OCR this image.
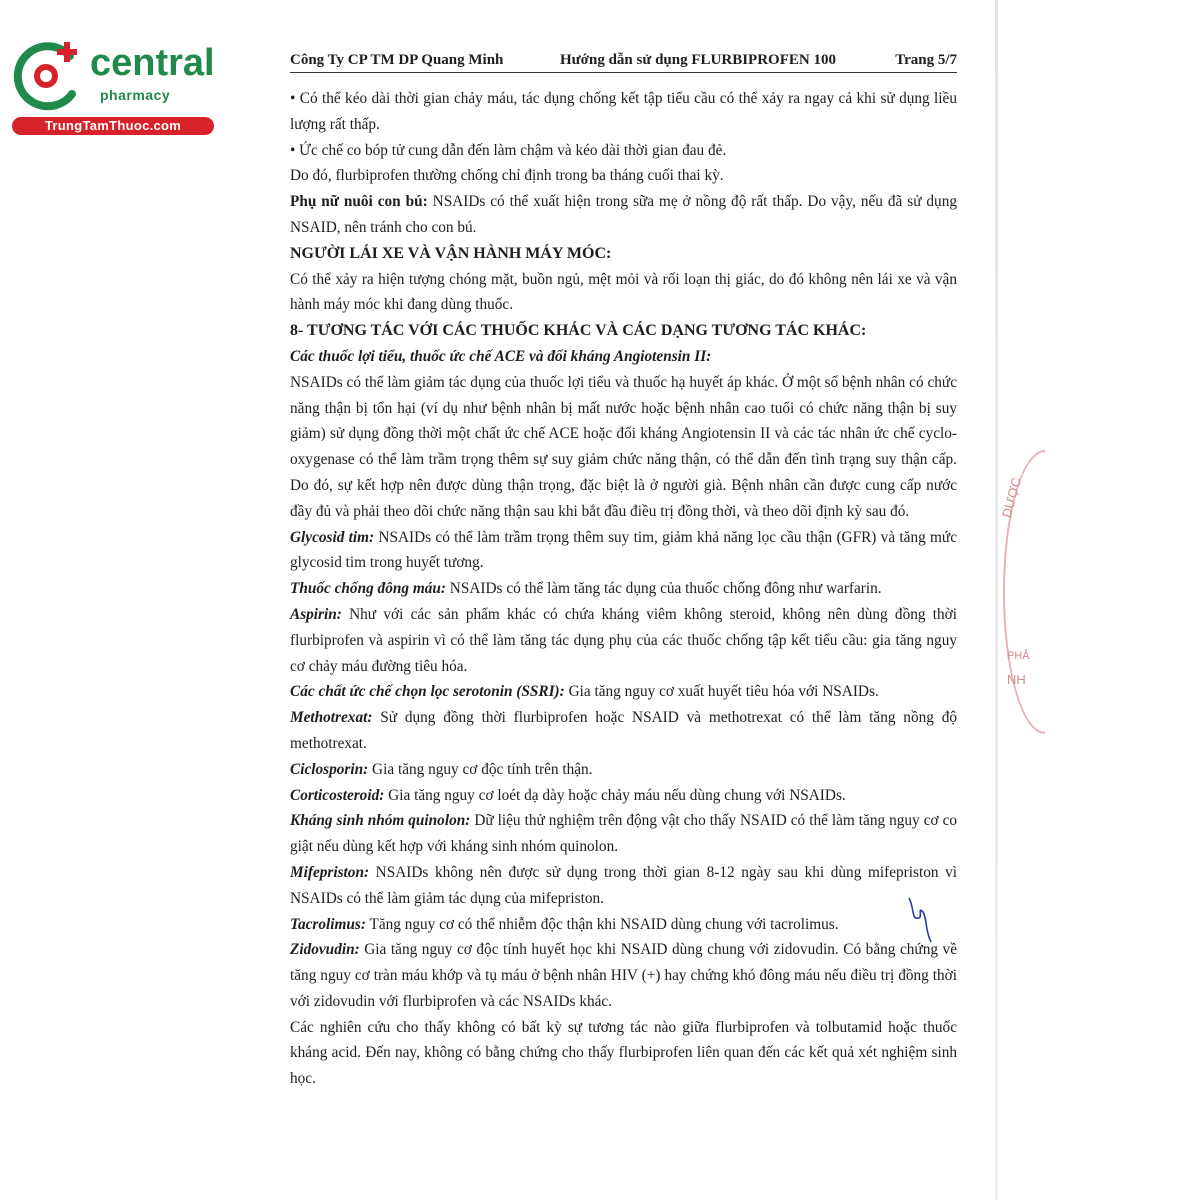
central
pharmacy
TrungTamThuoc.com
DƯỢC
PHẢ
NH
Công Ty CP TM DP Quang Minh	Hướng dẫn sử dụng FLURBIPROFEN 100	Trang 5/7

• Có thể kéo dài thời gian chảy máu, tác dụng chống kết tập tiểu cầu có thể xảy ra ngay cả khi sử dụng liều lượng rất thấp.

• Ức chế co bóp tử cung dẫn đến làm chậm và kéo dài thời gian đau đẻ.

Do đó, flurbiprofen thường chống chỉ định trong ba tháng cuối thai kỳ.

Phụ nữ nuôi con bú: NSAIDs có thể xuất hiện trong sữa mẹ ở nồng độ rất thấp. Do vậy, nếu đã sử dụng NSAID, nên tránh cho con bú.

NGƯỜI LÁI XE VÀ VẬN HÀNH MÁY MÓC:

Có thể xảy ra hiện tượng chóng mặt, buồn ngủ, mệt mỏi và rối loạn thị giác, do đó không nên lái xe và vận hành máy móc khi đang dùng thuốc.

8- TƯƠNG TÁC VỚI CÁC THUỐC KHÁC VÀ CÁC DẠNG TƯƠNG TÁC KHÁC:

Các thuốc lợi tiểu, thuốc ức chế ACE và đối kháng Angiotensin II:

NSAIDs có thể làm giảm tác dụng của thuốc lợi tiểu và thuốc hạ huyết áp khác. Ở một số bệnh nhân có chức năng thận bị tổn hại (ví dụ như bệnh nhân bị mất nước hoặc bệnh nhân cao tuổi có chức năng thận bị suy giảm) sử dụng đồng thời một chất ức chế ACE hoặc đối kháng Angiotensin II và các tác nhân ức chế cyclo-oxygenase có thể làm trầm trọng thêm sự suy giảm chức năng thận, có thể dẫn đến tình trạng suy thận cấp. Do đó, sự kết hợp nên được dùng thận trọng, đặc biệt là ở người già. Bệnh nhân cần được cung cấp nước đầy đủ và phải theo dõi chức năng thận sau khi bắt đầu điều trị đồng thời, và theo dõi định kỳ sau đó.

Glycosid tim: NSAIDs có thể làm trầm trọng thêm suy tim, giảm khả năng lọc cầu thận (GFR) và tăng mức glycosid tim trong huyết tương.

Thuốc chống đông máu: NSAIDs có thể làm tăng tác dụng của thuốc chống đông như warfarin.

Aspirin: Như với các sản phẩm khác có chứa kháng viêm không steroid, không nên dùng đồng thời flurbiprofen và aspirin vì có thể làm tăng tác dụng phụ của các thuốc chống tập kết tiểu cầu: gia tăng nguy cơ chảy máu đường tiêu hóa.

Các chất ức chế chọn lọc serotonin (SSRI): Gia tăng nguy cơ xuất huyết tiêu hóa với NSAIDs.

Methotrexat: Sử dụng đồng thời flurbiprofen hoặc NSAID và methotrexat có thể làm tăng nồng độ methotrexat.

Ciclosporin: Gia tăng nguy cơ độc tính trên thận.

Corticosteroid: Gia tăng nguy cơ loét dạ dày hoặc chảy máu nếu dùng chung với NSAIDs.

Kháng sinh nhóm quinolon: Dữ liệu thử nghiệm trên động vật cho thấy NSAID có thể làm tăng nguy cơ co giật nếu dùng kết hợp với kháng sinh nhóm quinolon.

Mifepriston: NSAIDs không nên được sử dụng trong thời gian 8-12 ngày sau khi dùng mifepriston vì NSAIDs có thể làm giảm tác dụng của mifepriston.

Tacrolimus: Tăng nguy cơ có thể nhiễm độc thận khi NSAID dùng chung với tacrolimus.

Zidovudin: Gia tăng nguy cơ độc tính huyết học khi NSAID dùng chung với zidovudin. Có bằng chứng về tăng nguy cơ tràn máu khớp và tụ máu ở bệnh nhân HIV (+) hay chứng khó đông máu nếu điều trị đồng thời với zidovudin với flurbiprofen và các NSAIDs khác.

Các nghiên cứu cho thấy không có bất kỳ sự tương tác nào giữa flurbiprofen và tolbutamid hoặc thuốc kháng acid. Đến nay, không có bằng chứng cho thấy flurbiprofen liên quan đến các kết quả xét nghiệm sinh học.
